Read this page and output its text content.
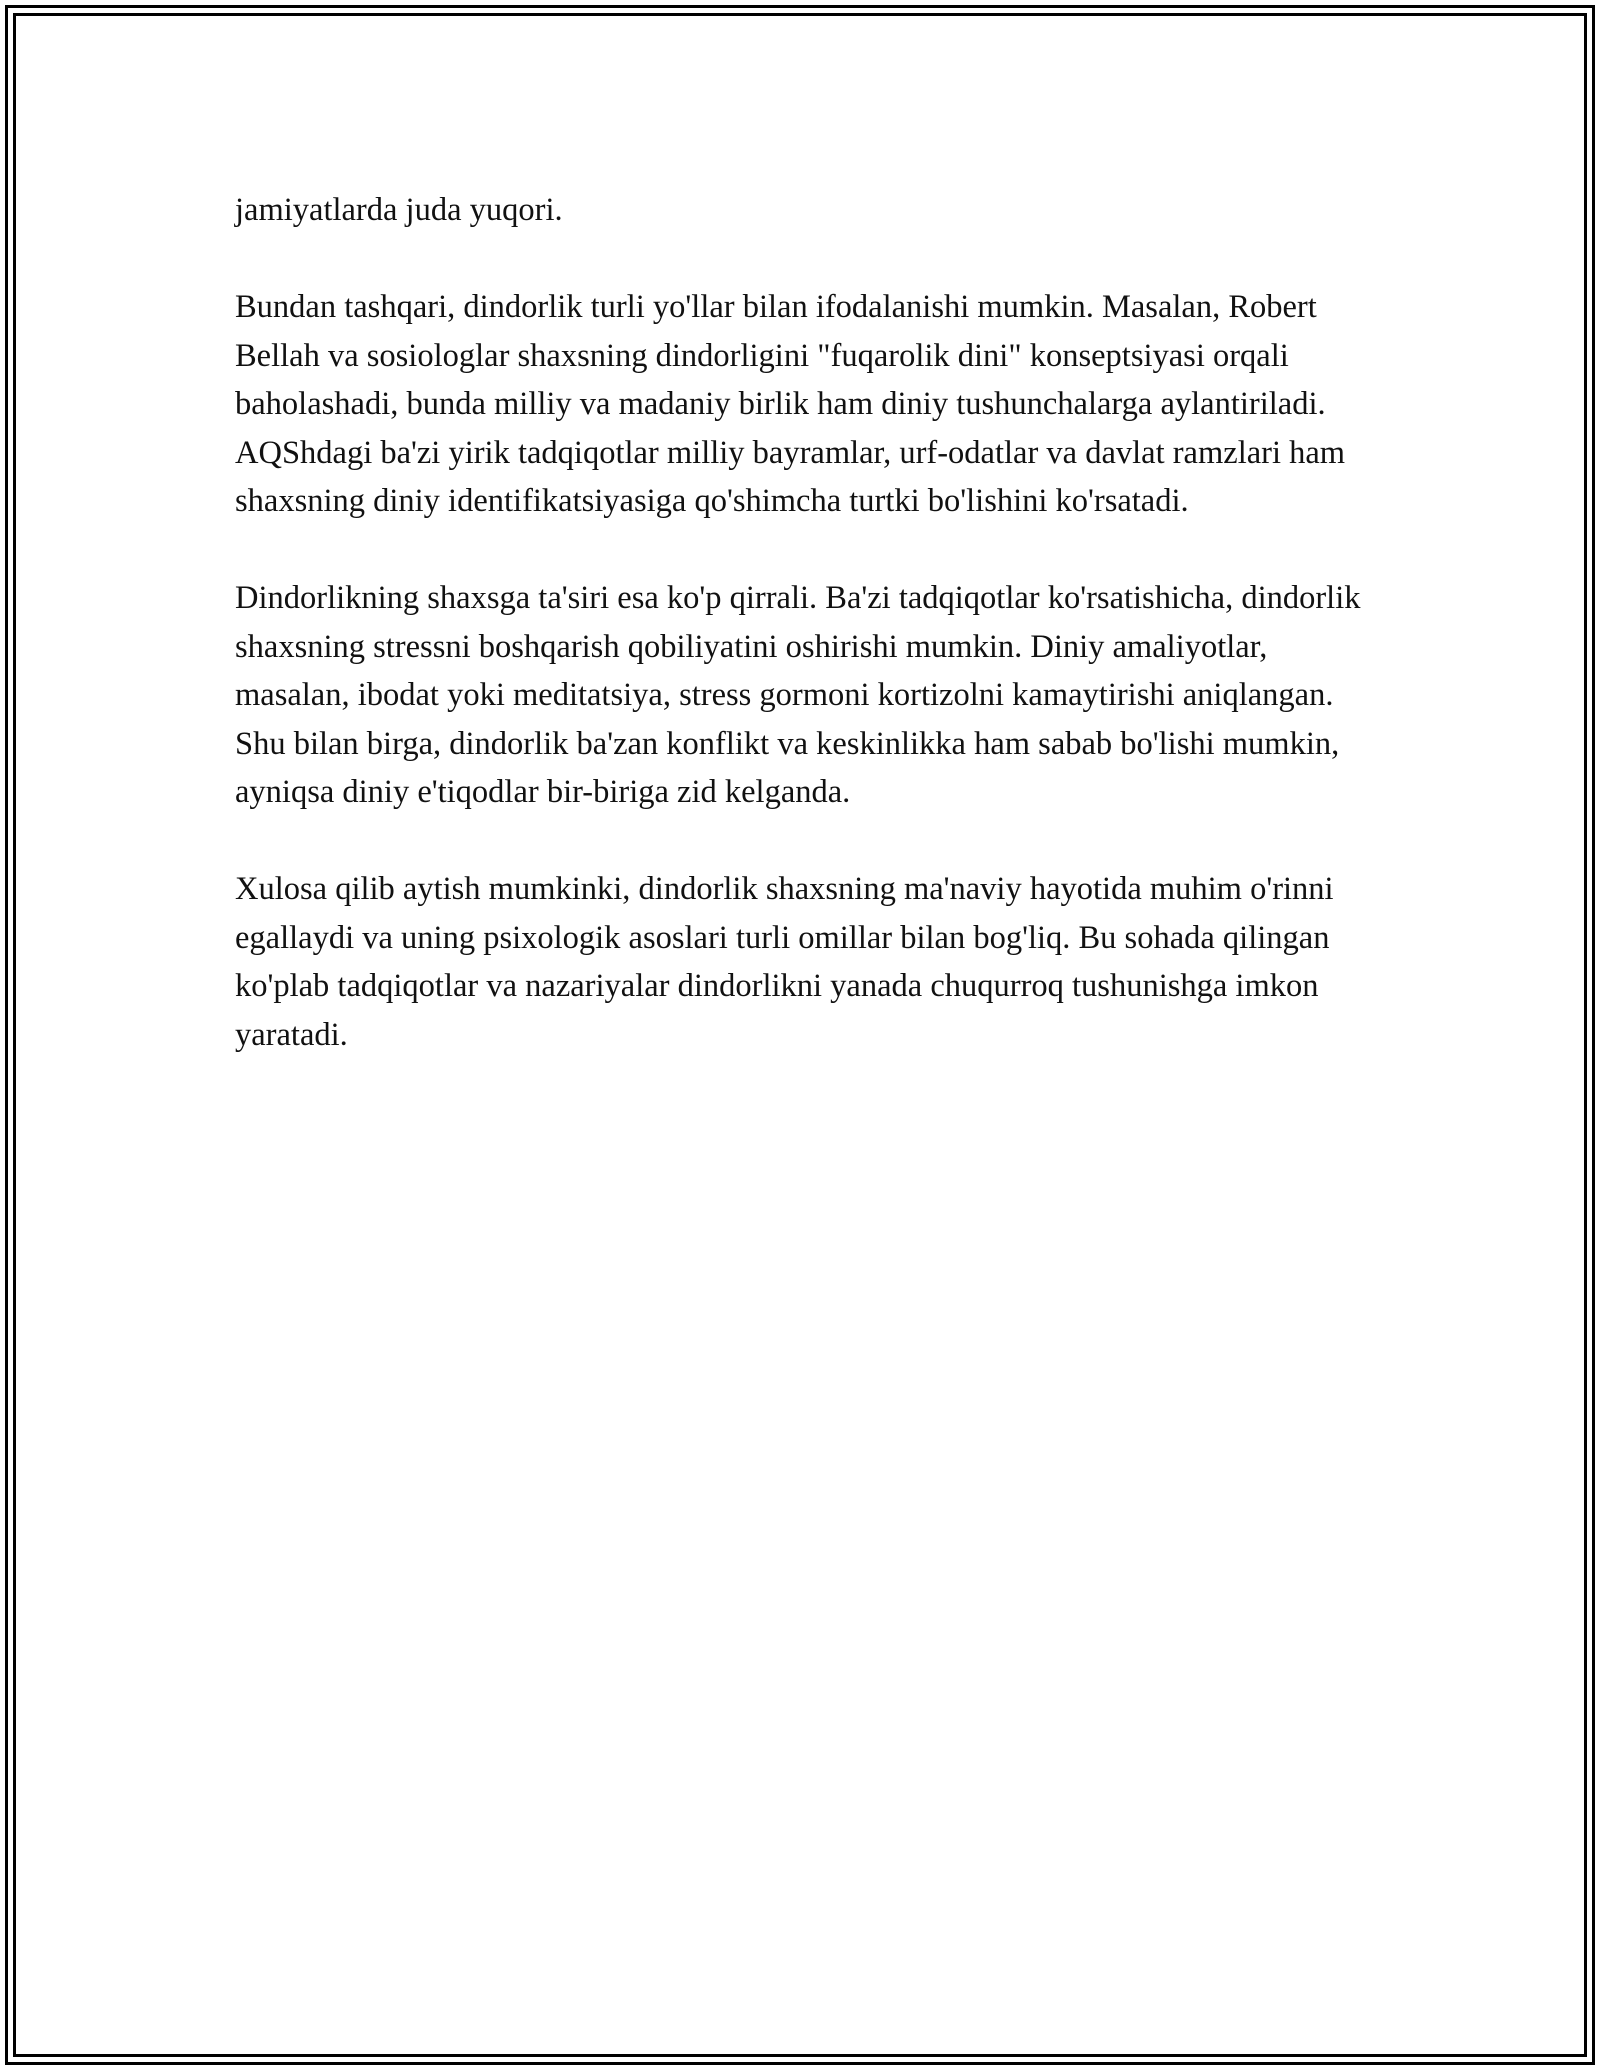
jamiyatlarda juda yuqori.

Bundan tashqari, dindorlik turli yo'llar bilan ifodalanishi mumkin. Masalan, Robert Bellah va sosiologlar shaxsning dindorligini "fuqarolik dini" konseptsiyasi orqali baholashadi, bunda milliy va madaniy birlik ham diniy tushunchalarga aylantiriladi. AQShdagi ba'zi yirik tadqiqotlar milliy bayramlar, urf-odatlar va davlat ramzlari ham shaxsning diniy identifikatsiyasiga qo'shimcha turtki bo'lishini ko'rsatadi.

Dindorlikning shaxsga ta'siri esa ko'p qirrali. Ba'zi tadqiqotlar ko'rsatishicha, dindorlik shaxsning stressni boshqarish qobiliyatini oshirishi mumkin. Diniy amaliyotlar, masalan, ibodat yoki meditatsiya, stress gormoni kortizolni kamaytirishi aniqlangan. Shu bilan birga, dindorlik ba'zan konflikt va keskinlikka ham sabab bo'lishi mumkin, ayniqsa diniy e'tiqodlar bir-biriga zid kelganda.

Xulosa qilib aytish mumkinki, dindorlik shaxsning ma'naviy hayotida muhim o'rinni egallaydi va uning psixologik asoslari turli omillar bilan bog'liq. Bu sohada qilingan ko'plab tadqiqotlar va nazariyalar dindorlikni yanada chuqurroq tushunishga imkon yaratadi.
